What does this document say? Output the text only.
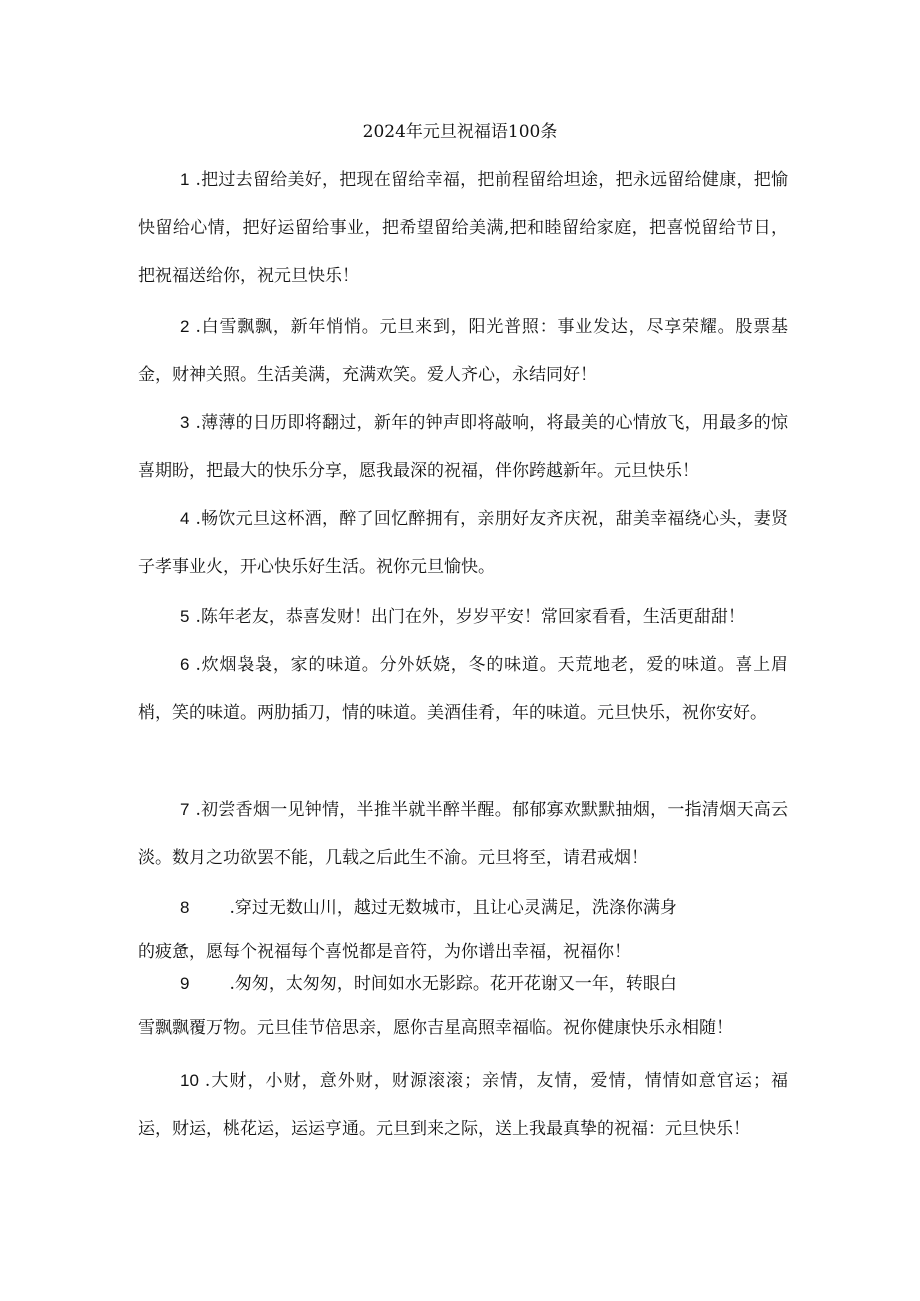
2024年元旦祝福语100条
1 .把过去留给美好，把现在留给幸福，把前程留给坦途，把永远留给健康，把愉快留给心情，把好运留给事业，把希望留给美满,把和睦留给家庭，把喜悦留给节日，把祝福送给你，祝元旦快乐！
2 .白雪飘飘，新年悄悄。元旦来到，阳光普照：事业发达，尽享荣耀。股票基金，财神关照。生活美满，充满欢笑。爱人齐心，永结同好！
3 .薄薄的日历即将翻过，新年的钟声即将敲响，将最美的心情放飞，用最多的惊喜期盼，把最大的快乐分享，愿我最深的祝福，伴你跨越新年。元旦快乐！
4 .畅饮元旦这杯酒，醉了回忆醉拥有，亲朋好友齐庆祝，甜美幸福绕心头，妻贤子孝事业火，开心快乐好生活。祝你元旦愉快。
5 .陈年老友，恭喜发财！出门在外，岁岁平安！常回家看看，生活更甜甜！
6 .炊烟袅袅，家的味道。分外妖娆，冬的味道。天荒地老，爱的味道。喜上眉梢，笑的味道。两肋插刀，情的味道。美酒佳肴，年的味道。元旦快乐，祝你安好。
7 .初尝香烟一见钟情，半推半就半醉半醒。郁郁寡欢默默抽烟，一指清烟天高云淡。数月之功欲罢不能，几载之后此生不渝。元旦将至，请君戒烟！
8 .穿过无数山川，越过无数城市，且让心灵满足，洗涤你满身
的疲惫，愿每个祝福每个喜悦都是音符，为你谱出幸福，祝福你！
9 .匆匆，太匆匆，时间如水无影踪。花开花谢又一年，转眼白
雪飘飘覆万物。元旦佳节倍思亲，愿你吉星高照幸福临。祝你健康快乐永相随！
10 .大财，小财，意外财，财源滚滚；亲情，友情，爱情，情情如意官运；福运，财运，桃花运，运运亨通。元旦到来之际，送上我最真挚的祝福：元旦快乐！
